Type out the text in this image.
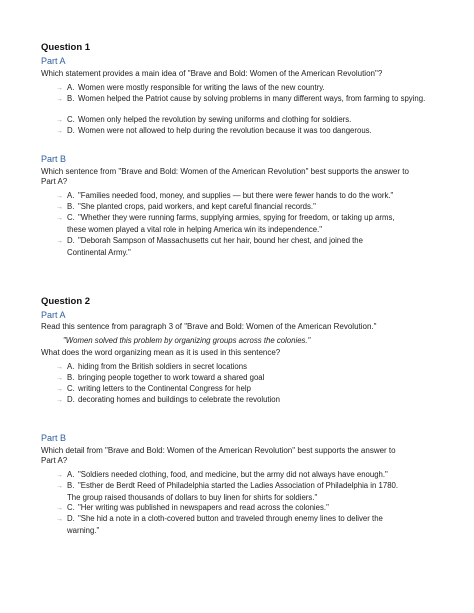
Question 1
Part A
Which statement provides a main idea of "Brave and Bold: Women of the American Revolution"?
→ A. Women were mostly responsible for writing the laws of the new country.
→ B. Women helped the Patriot cause by solving problems in many different ways, from farming to spying.
→ C. Women only helped the revolution by sewing uniforms and clothing for soldiers.
→ D. Women were not allowed to help during the revolution because it was too dangerous.
Part B
Which sentence from "Brave and Bold: Women of the American Revolution" best supports the answer to
Part A?
→ A. "Families needed food, money, and supplies — but there were fewer hands to do the work."
→ B. "She planted crops, paid workers, and kept careful financial records."
→ C. "Whether they were running farms, supplying armies, spying for freedom, or taking up arms,
these women played a vital role in helping America win its independence."
→ D. "Deborah Sampson of Massachusetts cut her hair, bound her chest, and joined the
Continental Army."
Question 2
Part A
Read this sentence from paragraph 3 of "Brave and Bold: Women of the American Revolution."
"Women solved this problem by organizing groups across the colonies."
What does the word organizing mean as it is used in this sentence?
→ A. hiding from the British soldiers in secret locations
→ B. bringing people together to work toward a shared goal
→ C. writing letters to the Continental Congress for help
→ D. decorating homes and buildings to celebrate the revolution
Part B
Which detail from "Brave and Bold: Women of the American Revolution" best supports the answer to
Part A?
→ A. "Soldiers needed clothing, food, and medicine, but the army did not always have enough."
→ B. "Esther de Berdt Reed of Philadelphia started the Ladies Association of Philadelphia in 1780.
The group raised thousands of dollars to buy linen for shirts for soldiers."
→ C. "Her writing was published in newspapers and read across the colonies."
→ D. "She hid a note in a cloth-covered button and traveled through enemy lines to deliver the
warning."
